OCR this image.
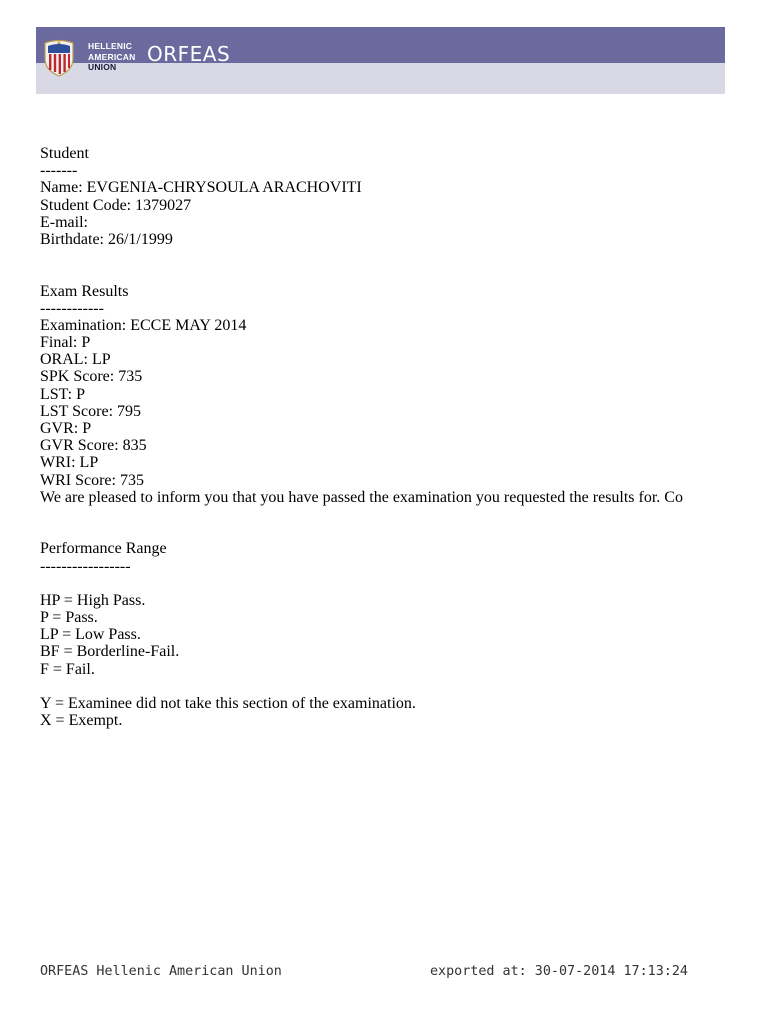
HELLENIC
AMERICAN
UNION
ORFEAS
Student
-------
Name: EVGENIA-CHRYSOULA ARACHOVITI
Student Code: 1379027
E-mail:
Birthdate: 26/1/1999
Exam Results
------------
Examination: ECCE MAY 2014
Final: P
ORAL: LP
SPK Score: 735
LST: P
LST Score: 795
GVR: P
GVR Score: 835
WRI: LP
WRI Score: 735
We are pleased to inform you that you have passed the examination you requested the results for. Co
Performance Range
-----------------
HP = High Pass.
P = Pass.
LP = Low Pass.
BF = Borderline-Fail.
F = Fail.
Y = Examinee did not take this section of the examination.
X = Exempt.
ORFEAS Hellenic American Union	exported at: 30-07-2014 17:13:24
